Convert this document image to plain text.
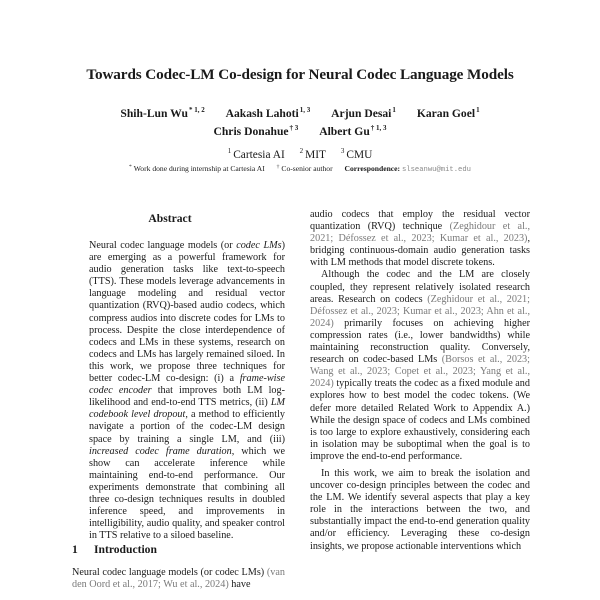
Towards Codec-LM Co-design for Neural Codec Language Models
Shih-Lun Wu$^{* 1, 2}$ Aakash Lahoti$^{1, 3}$ Arjun Desai$^1$ Karan Goel$^1$
Chris Donahue$^{\dagger 3}$ Albert Gu$^{\dagger 1, 3}$
$^1$ Cartesia AI $^2$ MIT $^3$ CMU
* Work done during internship at Cartesia AI † Co-senior author Correspondence: slseanwu@mit.edu
Abstract

Neural codec language models (or codec LMs) are emerging as a powerful framework for audio generation tasks like text-to-speech (TTS). These models leverage advancements in language modeling and residual vector quantization (RVQ)-based audio codecs, which compress audios into discrete codes for LMs to process. Despite the close interdependence of codecs and LMs in these systems, research on codecs and LMs has largely remained siloed. In this work, we propose three techniques for better codec-LM co-design: (i) a frame-wise codec encoder that improves both LM log-likelihood and end-to-end TTS metrics, (ii) LM codebook level dropout, a method to efficiently navigate a portion of the codec-LM design space by training a single LM, and (iii) increased codec frame duration, which we show can accelerate inference while maintaining end-to-end performance. Our experiments demonstrate that combining all three co-design techniques results in doubled inference speed, and improvements in intelligibility, audio quality, and speaker control in TTS relative to a siloed baseline.

1 Introduction

Neural codec language models (or codec LMs) (van den Oord et al., 2017; Wu et al., 2024) have

audio codecs that employ the residual vector quantization (RVQ) technique (Zeghidour et al., 2021; Défossez et al., 2023; Kumar et al., 2023), bridging continuous-domain audio generation tasks with LM methods that model discrete tokens.

Although the codec and the LM are closely coupled, they represent relatively isolated research areas. Research on codecs (Zeghidour et al., 2021; Défossez et al., 2023; Kumar et al., 2023; Ahn et al., 2024) primarily focuses on achieving higher compression rates (i.e., lower bandwidths) while maintaining reconstruction quality. Conversely, research on codec-based LMs (Borsos et al., 2023; Wang et al., 2023; Copet et al., 2023; Yang et al., 2024) typically treats the codec as a fixed module and explores how to best model the codec tokens. (We defer more detailed Related Work to Appendix A.) While the design space of codecs and LMs combined is too large to explore exhaustively, considering each in isolation may be suboptimal when the goal is to improve the end-to-end performance.

In this work, we aim to break the isolation and uncover co-design principles between the codec and the LM. We identify several aspects that play a key role in the interactions between the two, and substantially impact the end-to-end generation quality and/or efficiency. Leveraging these co-design insights, we propose actionable interventions which
